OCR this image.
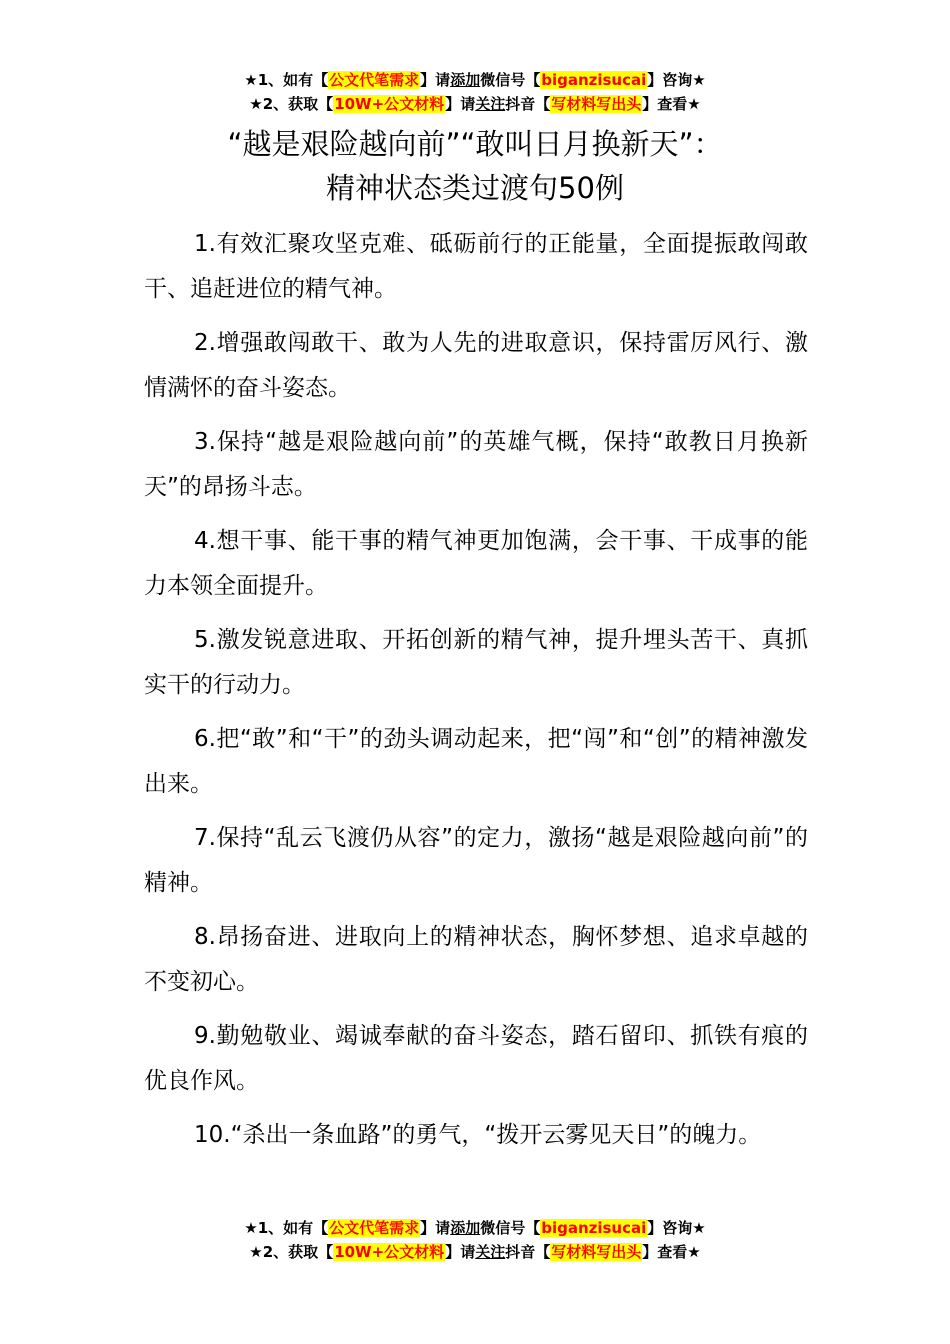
★1、如有【公文代笔需求】请添加微信号【biganzisucai】咨询★
★2、获取【10W+公文材料】请关注抖音【写材料写出头】查看★
“越是艰险越向前”“敢叫日月换新天”：
精神状态类过渡句50例

1.有效汇聚攻坚克难、砥砺前行的正能量，全面提振敢闯敢干、追赶进位的精气神。

2.增强敢闯敢干、敢为人先的进取意识，保持雷厉风行、激情满怀的奋斗姿态。

3.保持“越是艰险越向前”的英雄气概，保持“敢教日月换新天”的昂扬斗志。

4.想干事、能干事的精气神更加饱满，会干事、干成事的能力本领全面提升。

5.激发锐意进取、开拓创新的精气神，提升埋头苦干、真抓实干的行动力。

6.把“敢”和“干”的劲头调动起来，把“闯”和“创”的精神激发出来。

7.保持“乱云飞渡仍从容”的定力，激扬“越是艰险越向前”的精神。

8.昂扬奋进、进取向上的精神状态，胸怀梦想、追求卓越的不变初心。

9.勤勉敬业、竭诚奉献的奋斗姿态，踏石留印、抓铁有痕的优良作风。

10.“杀出一条血路”的勇气，“拨开云雾见天日”的魄力。

★1、如有【公文代笔需求】请添加微信号【biganzisucai】咨询★
★2、获取【10W+公文材料】请关注抖音【写材料写出头】查看★
